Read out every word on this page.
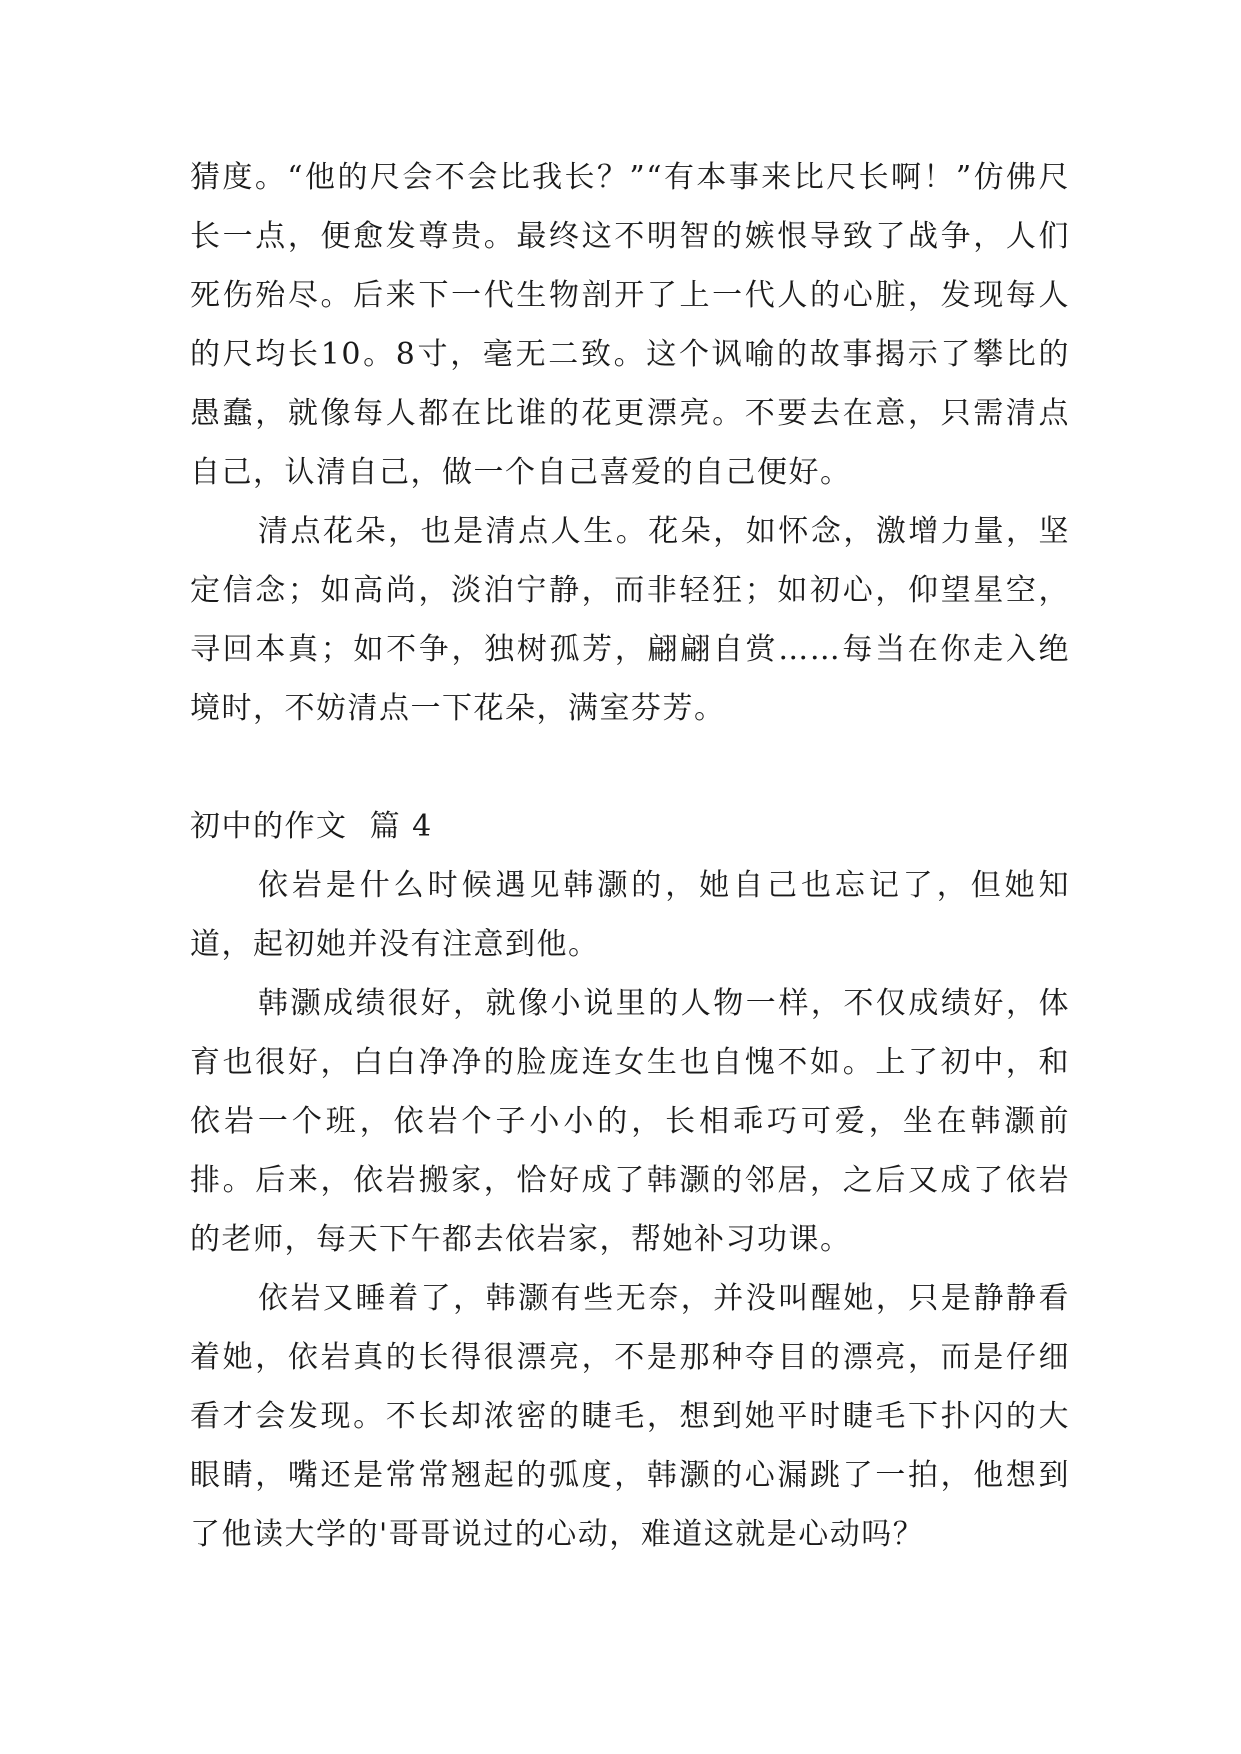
猜度。“他的尺会不会比我长？”“有本事来比尺长啊！”仿佛尺长一点，便愈发尊贵。最终这不明智的嫉恨导致了战争，人们死伤殆尽。后来下一代生物剖开了上一代人的心脏，发现每人的尺均长10。8寸，毫无二致。这个讽喻的故事揭示了攀比的愚蠢，就像每人都在比谁的花更漂亮。不要去在意，只需清点自己，认清自己，做一个自己喜爱的自己便好。

清点花朵，也是清点人生。花朵，如怀念，激增力量，坚定信念；如高尚，淡泊宁静，而非轻狂；如初心，仰望星空，寻回本真；如不争，独树孤芳，翩翩自赏……每当在你走入绝境时，不妨清点一下花朵，满室芬芳。

初中的作文  篇 4

依岩是什么时候遇见韩灏的，她自己也忘记了，但她知道，起初她并没有注意到他。

韩灏成绩很好，就像小说里的人物一样，不仅成绩好，体育也很好，白白净净的脸庞连女生也自愧不如。上了初中，和依岩一个班，依岩个子小小的，长相乖巧可爱，坐在韩灏前排。后来，依岩搬家，恰好成了韩灏的邻居，之后又成了依岩的老师，每天下午都去依岩家，帮她补习功课。

依岩又睡着了，韩灏有些无奈，并没叫醒她，只是静静看着她，依岩真的长得很漂亮，不是那种夺目的漂亮，而是仔细看才会发现。不长却浓密的睫毛，想到她平时睫毛下扑闪的大眼睛，嘴还是常常翘起的弧度，韩灏的心漏跳了一拍，他想到了他读大学的'哥哥说过的心动，难道这就是心动吗？
